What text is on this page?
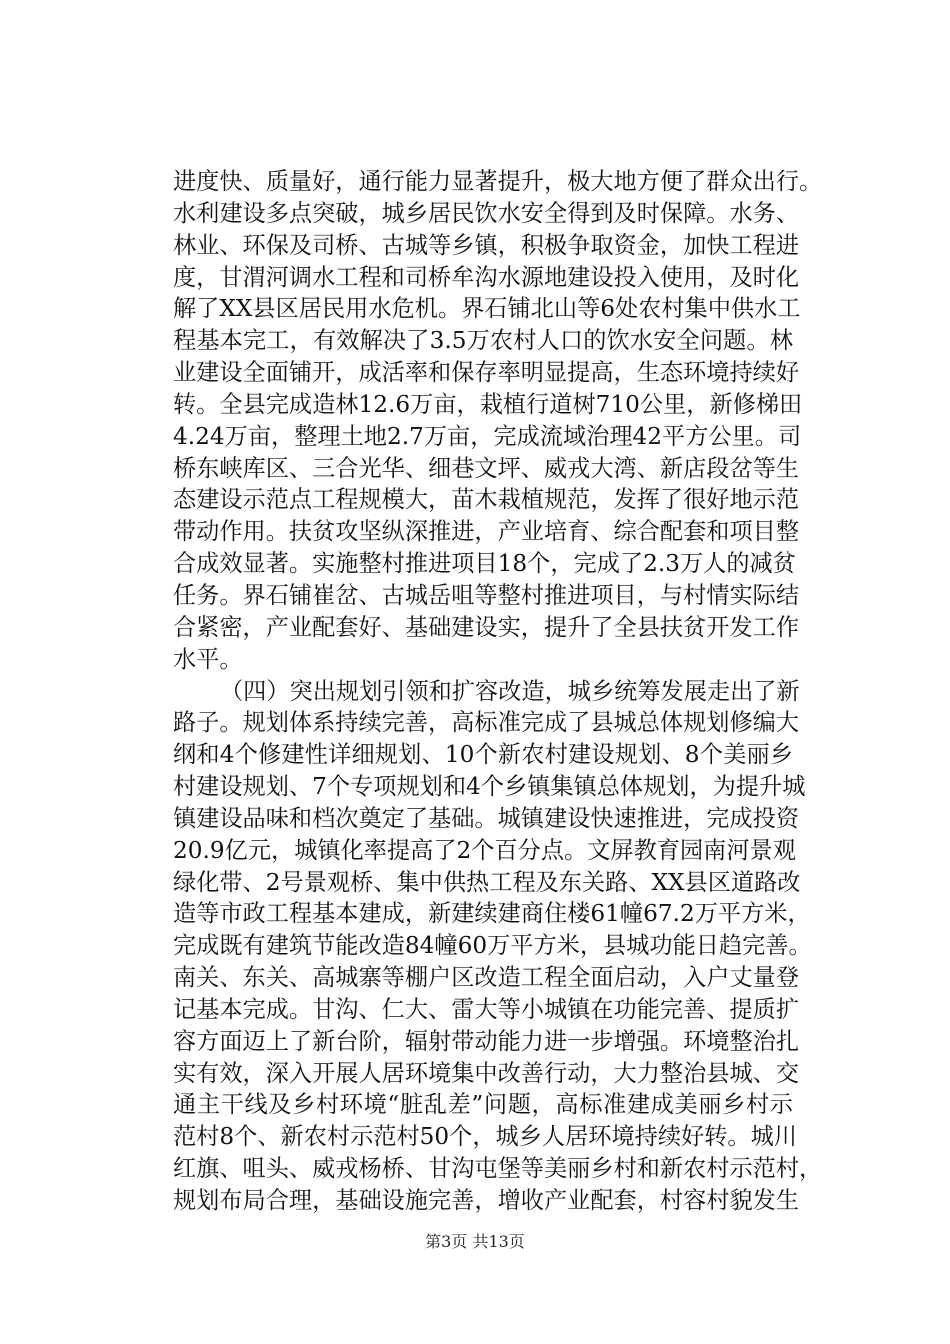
进度快、质量好，通行能力显著提升，极大地方便了群众出行。
水利建设多点突破，城乡居民饮水安全得到及时保障。水务、
林业、环保及司桥、古城等乡镇，积极争取资金，加快工程进
度，甘渭河调水工程和司桥牟沟水源地建设投入使用，及时化
解了XX县区居民用水危机。界石铺北山等6处农村集中供水工
程基本完工，有效解决了3.5万农村人口的饮水安全问题。林
业建设全面铺开，成活率和保存率明显提高，生态环境持续好
转。全县完成造林12.6万亩，栽植行道树710公里，新修梯田
4.24万亩，整理土地2.7万亩，完成流域治理42平方公里。司
桥东峡库区、三合光华、细巷文坪、威戎大湾、新店段岔等生
态建设示范点工程规模大，苗木栽植规范，发挥了很好地示范
带动作用。扶贫攻坚纵深推进，产业培育、综合配套和项目整
合成效显著。实施整村推进项目18个，完成了2.3万人的减贫
任务。界石铺崔岔、古城岳咀等整村推进项目，与村情实际结
合紧密，产业配套好、基础建设实，提升了全县扶贫开发工作
水平。
（四）突出规划引领和扩容改造，城乡统筹发展走出了新
路子。规划体系持续完善，高标准完成了县城总体规划修编大
纲和4个修建性详细规划、10个新农村建设规划、8个美丽乡
村建设规划、7个专项规划和4个乡镇集镇总体规划，为提升城
镇建设品味和档次奠定了基础。城镇建设快速推进，完成投资
20.9亿元，城镇化率提高了2个百分点。文屏教育园南河景观
绿化带、2号景观桥、集中供热工程及东关路、XX县区道路改
造等市政工程基本建成，新建续建商住楼61幢67.2万平方米，
完成既有建筑节能改造84幢60万平方米，县城功能日趋完善。
南关、东关、高城寨等棚户区改造工程全面启动，入户丈量登
记基本完成。甘沟、仁大、雷大等小城镇在功能完善、提质扩
容方面迈上了新台阶，辐射带动能力进一步增强。环境整治扎
实有效，深入开展人居环境集中改善行动，大力整治县城、交
通主干线及乡村环境“脏乱差”问题，高标准建成美丽乡村示
范村8个、新农村示范村50个，城乡人居环境持续好转。城川
红旗、咀头、威戎杨桥、甘沟屯堡等美丽乡村和新农村示范村，
规划布局合理，基础设施完善，增收产业配套，村容村貌发生
第3页 共13页
